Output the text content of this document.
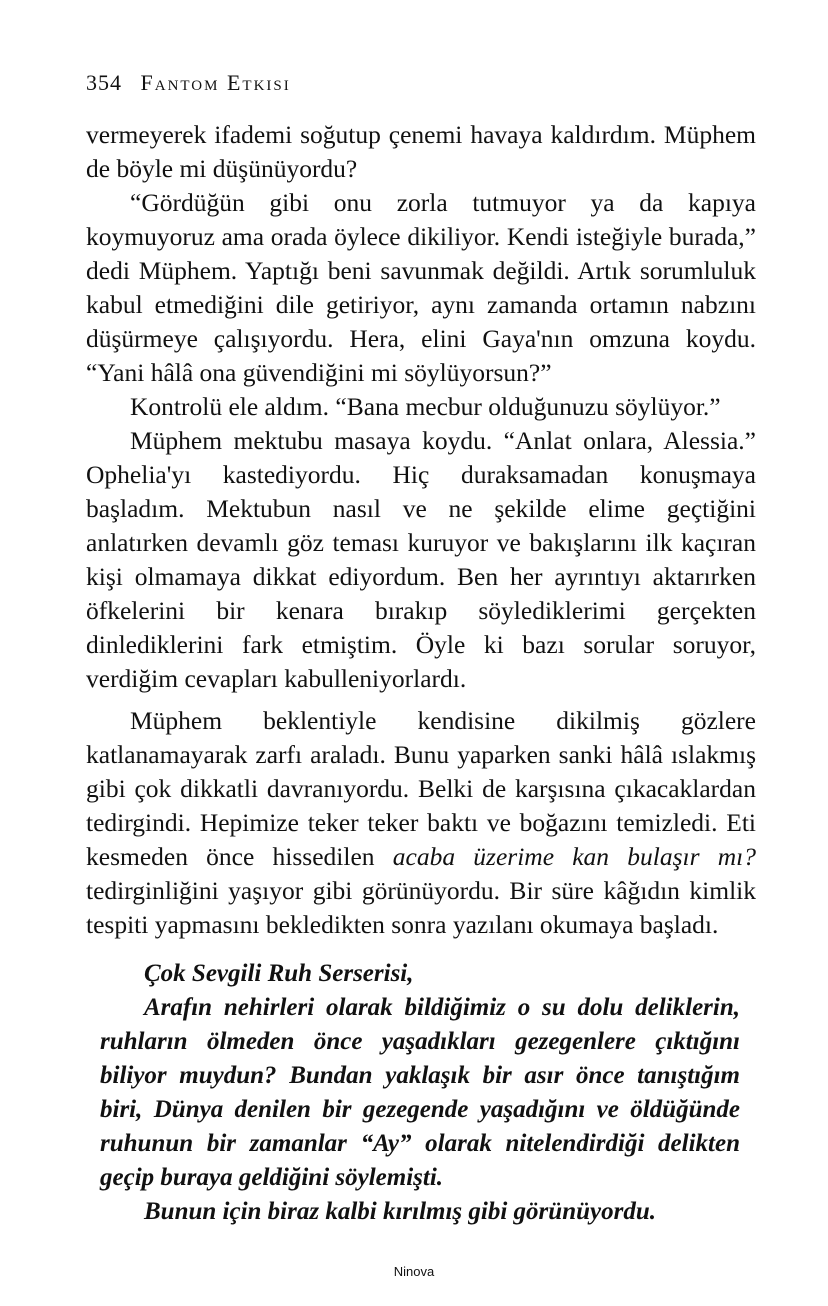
354 Fantom Etkisi

vermeyerek ifademi soğutup çenemi havaya kaldırdım. Müphem de böyle mi düşünüyordu?

“Gördüğün gibi onu zorla tutmuyor ya da kapıya koymuyoruz ama orada öylece dikiliyor. Kendi isteğiyle burada,” dedi Müphem. Yaptığı beni savunmak değildi. Artık sorumluluk kabul etmediğini dile getiriyor, aynı zamanda ortamın nabzını düşürmeye çalışıyordu. Hera, elini Gaya'nın omzuna koydu. “Yani hâlâ ona güvendiğini mi söylüyorsun?”

Kontrolü ele aldım. “Bana mecbur olduğunuzu söylüyor.”

Müphem mektubu masaya koydu. “Anlat onlara, Alessia.” Ophelia'yı kastediyordu. Hiç duraksamadan konuşmaya başladım. Mektubun nasıl ve ne şekilde elime geçtiğini anlatırken devamlı göz teması kuruyor ve bakışlarını ilk kaçıran kişi olmamaya dikkat ediyordum. Ben her ayrıntıyı aktarırken öfkelerini bir kenara bırakıp söylediklerimi gerçekten dinlediklerini fark etmiştim. Öyle ki bazı sorular soruyor, verdiğim cevapları kabulleniyorlardı.

Müphem beklentiyle kendisine dikilmiş gözlere katlanamayarak zarfı araladı. Bunu yaparken sanki hâlâ ıslakmış gibi çok dikkatli davranıyordu. Belki de karşısına çıkacaklardan tedirgindi. Hepimize teker teker baktı ve boğazını temizledi. Eti kesmeden önce hissedilen acaba üzerime kan bulaşır mı? tedirginliğini yaşıyor gibi görünüyordu. Bir süre kâğıdın kimlik tespiti yapmasını bekledikten sonra yazılanı okumaya başladı.

Çok Sevgili Ruh Serserisi,

Arafın nehirleri olarak bildiğimiz o su dolu deliklerin, ruhların ölmeden önce yaşadıkları gezegenlere çıktığını biliyor muydun? Bundan yaklaşık bir asır önce tanıştığım biri, Dünya denilen bir gezegende yaşadığını ve öldüğünde ruhunun bir zamanlar “Ay” olarak nitelendirdiği delikten geçip buraya geldiğini söylemişti.

Bunun için biraz kalbi kırılmış gibi görünüyordu.

Ninova
